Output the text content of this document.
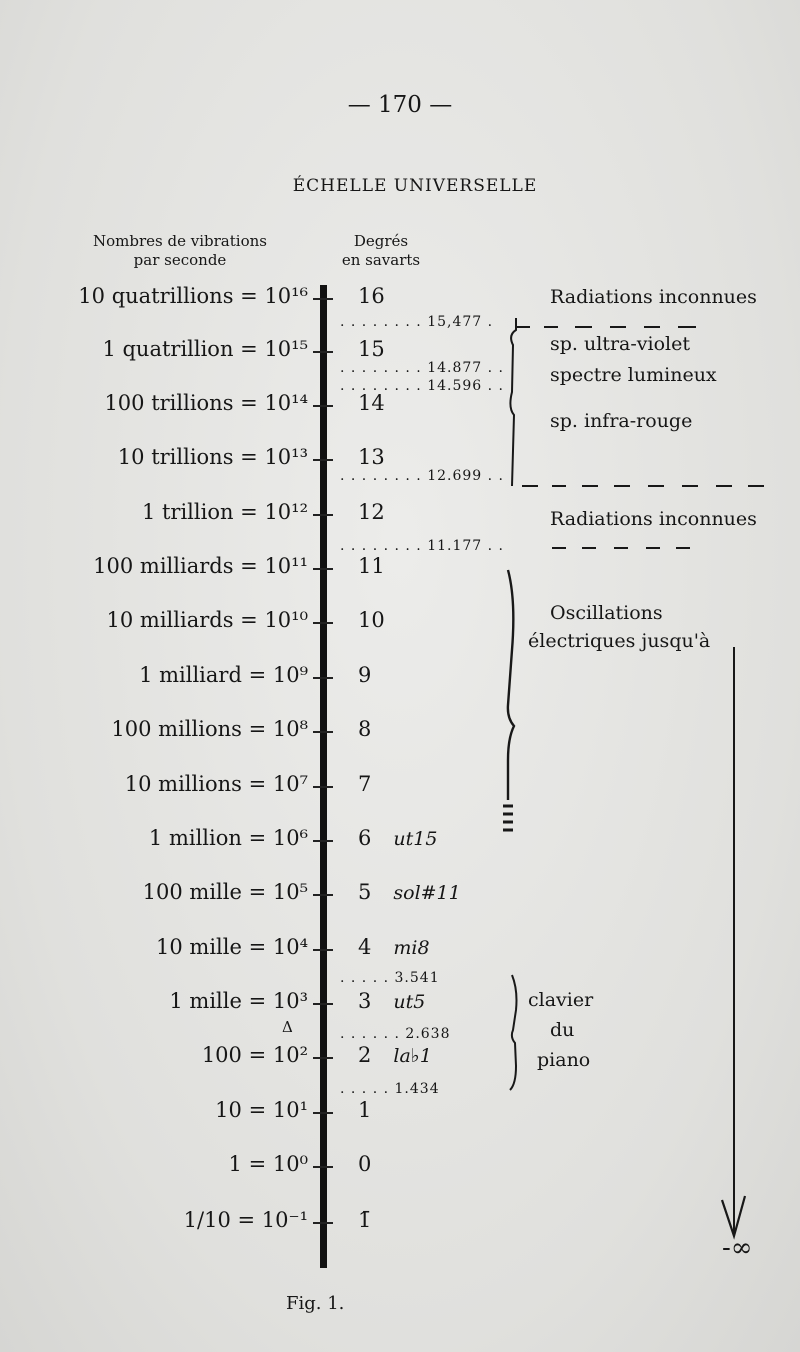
— 170 —
ÉCHELLE UNIVERSELLE
Nombres de vibrations
par seconde
Degrés
en savarts
10 quatrillions = 10¹⁶ 16
1 quatrillion = 10¹⁵ 15
100 trillions = 10¹⁴ 14
10 trillions = 10¹³ 13
1 trillion = 10¹² 12
100 milliards = 10¹¹ 11
10 milliards = 10¹⁰ 10
1 milliard = 10⁹ 9
100 millions = 10⁸ 8
10 millions = 10⁷ 7
1 million = 10⁶ 6 ut15
100 mille = 10⁵ 5 sol#11
10 mille = 10⁴ 4 mi8
1 mille = 10³ 3 ut5
100 = 10² 2 la♭1
10 = 10¹ 1
1 = 10⁰ 0
1/10 = 10⁻¹ 1̄
. . . . . . . . 15,477 .
. . . . . . . . 14.877 . .
. . . . . . . . 14.596 . .
. . . . . . . . 12.699 . .
. . . . . . . . 11.177 . .
. . . . . 3.541
. . . . . . 2.638
. . . . . 1.434
Δ
Radiations inconnues
sp. ultra-violet
spectre lumineux
sp. infra-rouge
Radiations inconnues
Oscillations
électriques jusqu'à
clavier
du
piano
-∞
Fig. 1.
